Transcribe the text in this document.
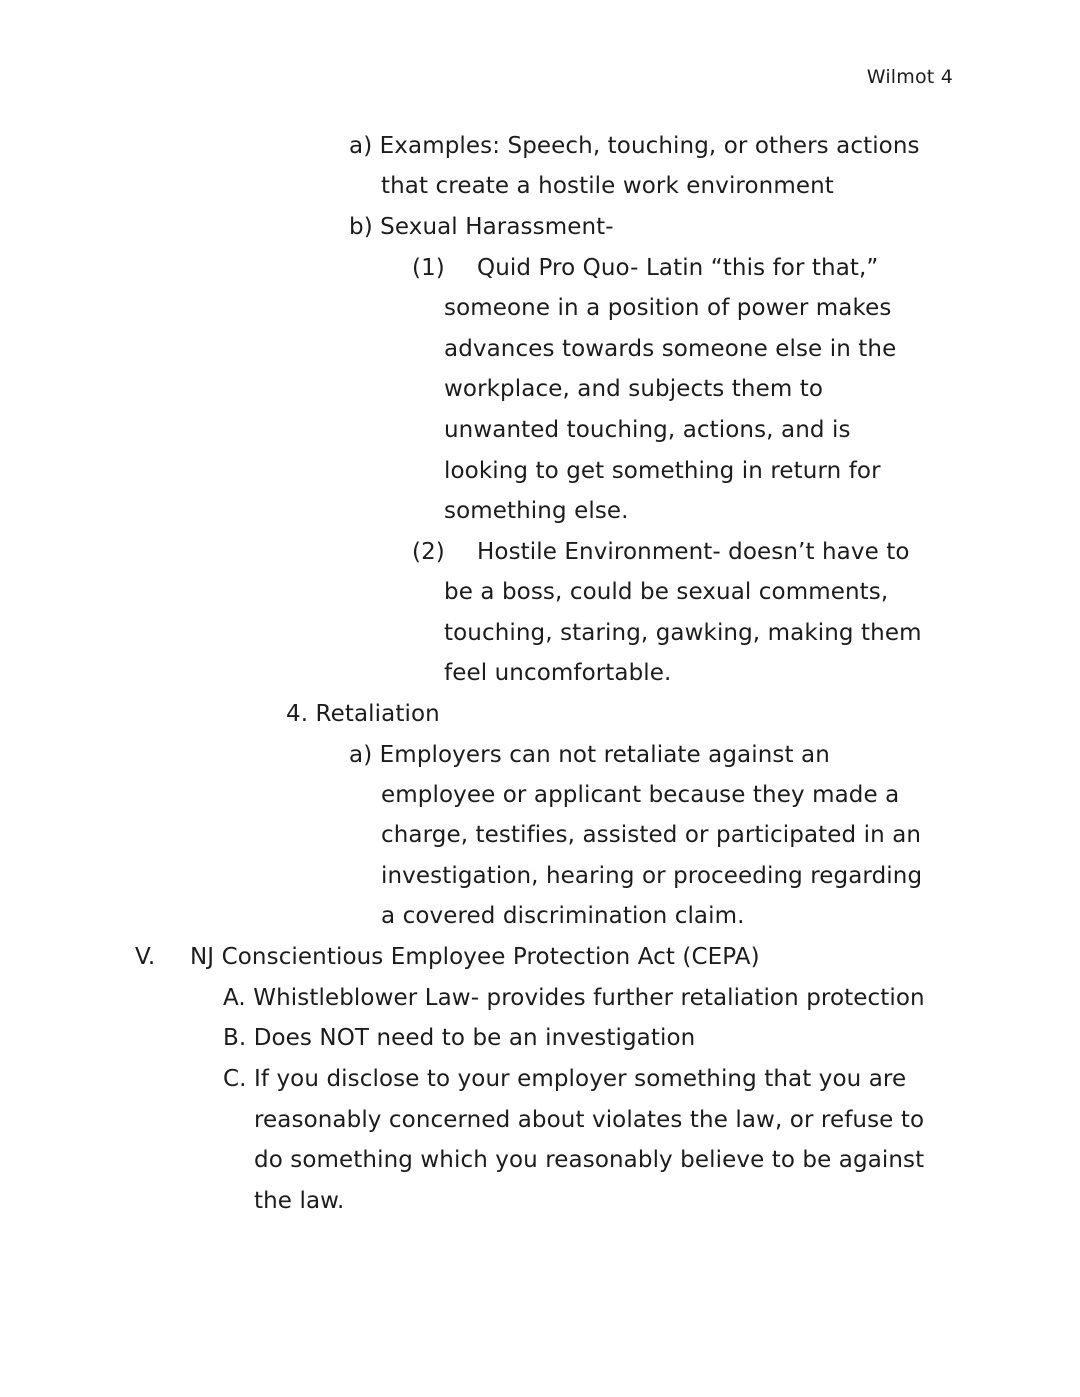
Wilmot 4
a) Examples: Speech, touching, or others actions
that create a hostile work environment
b) Sexual Harassment-
(1) Quid Pro Quo- Latin “this for that,”
someone in a position of power makes
advances towards someone else in the
workplace, and subjects them to
unwanted touching, actions, and is
looking to get something in return for
something else.
(2) Hostile Environment- doesn’t have to
be a boss, could be sexual comments,
touching, staring, gawking, making them
feel uncomfortable.
4. Retaliation
a) Employers can not retaliate against an
employee or applicant because they made a
charge, testifies, assisted or participated in an
investigation, hearing or proceeding regarding
a covered discrimination claim.
V. NJ Conscientious Employee Protection Act (CEPA)
A. Whistleblower Law- provides further retaliation protection
B. Does NOT need to be an investigation
C. If you disclose to your employer something that you are
reasonably concerned about violates the law, or refuse to
do something which you reasonably believe to be against
the law.
